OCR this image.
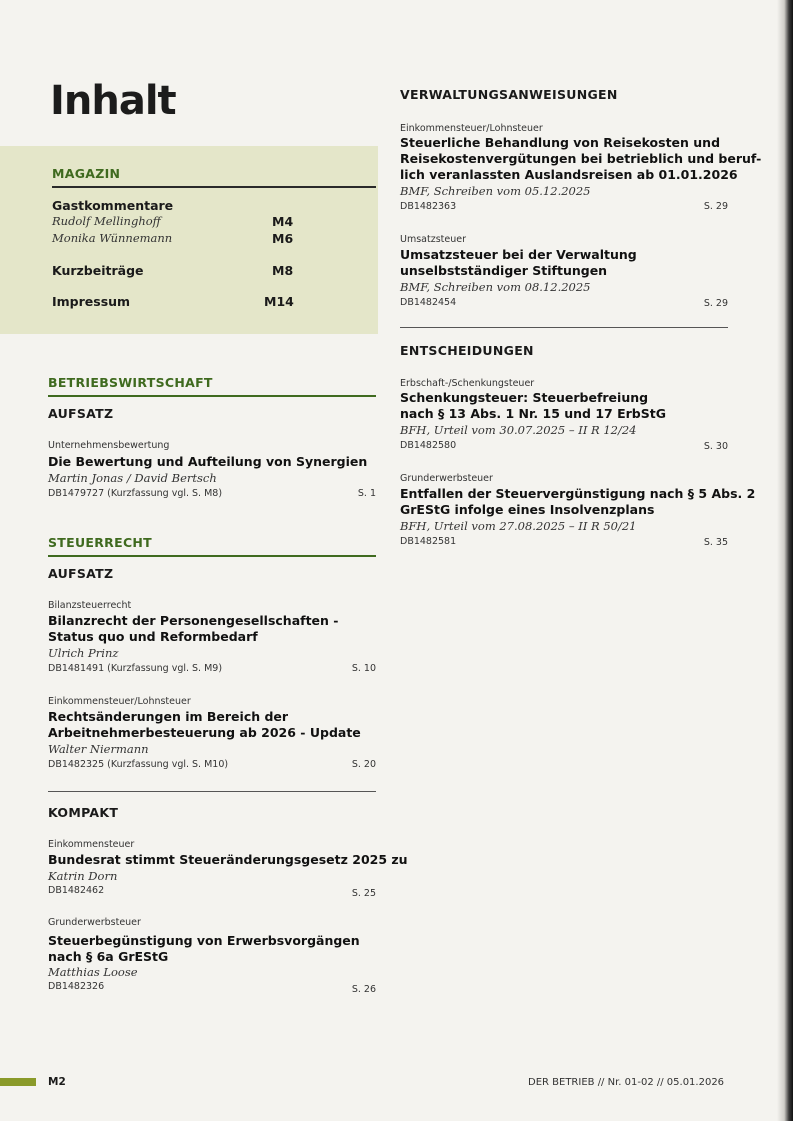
Inhalt
MAGAZIN
Gastkommentare
Rudolf Mellinghoff	M4
Monika Wünnemann	M6
Kurzbeiträge	M8
Impressum	M14
BETRIEBSWIRTSCHAFT
AUFSATZ
Unternehmensbewertung
Die Bewertung und Aufteilung von Synergien
Martin Jonas / David Bertsch
DB1479727 (Kurzfassung vgl. S. M8)	S. 1
STEUERRECHT
AUFSATZ
Bilanzsteuerrecht
Bilanzrecht der Personengesellschaften -
Status quo und Reformbedarf
Ulrich Prinz
DB1481491 (Kurzfassung vgl. S. M9)	S. 10
Einkommensteuer/Lohnsteuer
Rechtsänderungen im Bereich der
Arbeitnehmerbesteuerung ab 2026 - Update
Walter Niermann
DB1482325 (Kurzfassung vgl. S. M10)	S. 20
KOMPAKT
Einkommensteuer
Bundesrat stimmt Steueränderungsgesetz 2025 zu
Katrin Dorn
DB1482462	S. 25
Grunderwerbsteuer
Steuerbegünstigung von Erwerbsvorgängen
nach § 6a GrEStG
Matthias Loose
DB1482326	S. 26
VERWALTUNGSANWEISUNGEN
Einkommensteuer/Lohnsteuer
Steuerliche Behandlung von Reisekosten und
Reisekostenvergütungen bei betrieblich und beruf-
lich veranlassten Auslandsreisen ab 01.01.2026
BMF, Schreiben vom 05.12.2025
DB1482363	S. 29
Umsatzsteuer
Umsatzsteuer bei der Verwaltung
unselbstständiger Stiftungen
BMF, Schreiben vom 08.12.2025
DB1482454	S. 29
ENTSCHEIDUNGEN
Erbschaft-/Schenkungsteuer
Schenkungsteuer: Steuerbefreiung
nach § 13 Abs. 1 Nr. 15 und 17 ErbStG
BFH, Urteil vom 30.07.2025 – II R 12/24
DB1482580	S. 30
Grunderwerbsteuer
Entfallen der Steuervergünstigung nach § 5 Abs. 2
GrEStG infolge eines Insolvenzplans
BFH, Urteil vom 27.08.2025 – II R 50/21
DB1482581	S. 35
M2	DER BETRIEB // Nr. 01-02 // 05.01.2026
